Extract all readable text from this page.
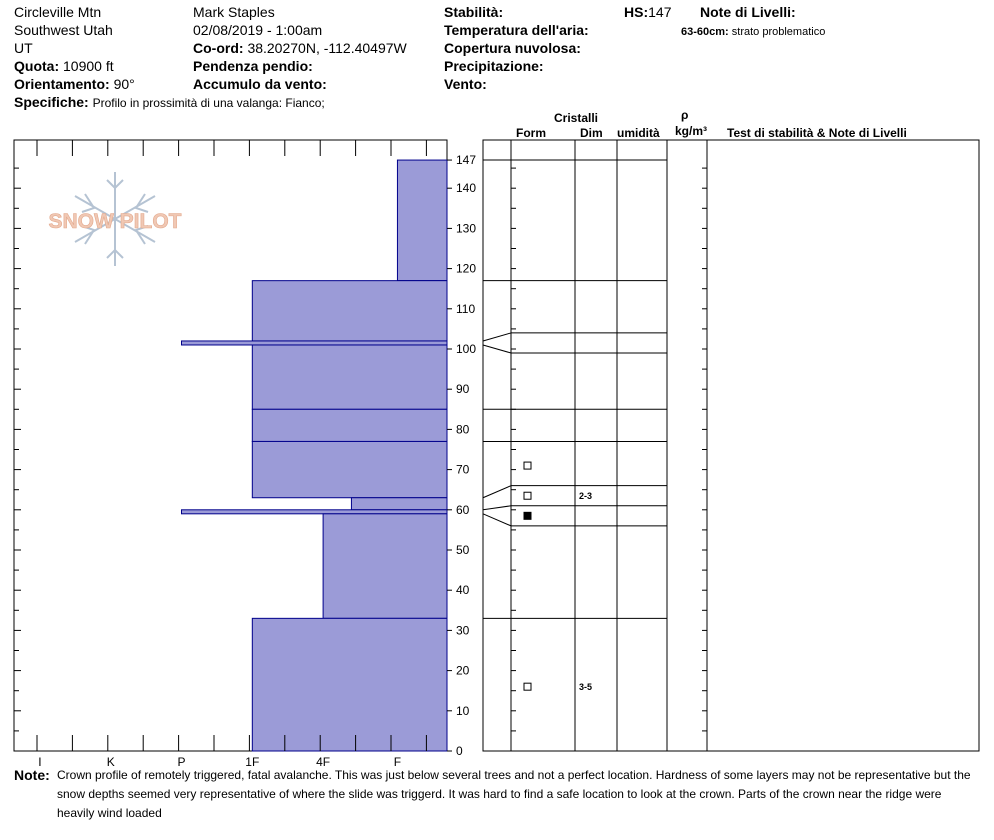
Circleville Mtn
Southwest Utah
UT
Quota: 10900 ft
Orientamento: 90°
Specifiche: Profilo in prossimità di una valanga: Fianco;
Mark Staples
02/08/2019 - 1:00am
Co-ord: 38.20270N, -112.40497W
Pendenza pendio:
Accumulo da vento:
Stabilità:
Temperatura dell'aria:
Copertura nuvolosa:
Precipitazione:
Vento:
HS:147 Note di Livelli:
63-60cm: strato problematico
Cristalli
Form	Dim umidità
ρ
kg/m³ Test di stabilità & Note di Livelli
SNOW PILOT
I	K	P	1F	4F	F
0
10
20
30
40
50
60
70
80
90
100
110
120
130
140
147
2-3
3-5
Note: Crown profile of remotely triggered, fatal avalanche. This was just below several trees and not a perfect location. Hardness of some layers may not be representative but the snow depths seemed very representative of where the slide was triggerd. It was hard to find a safe location to look at the crown. Parts of the crown near the ridge were heavily wind loaded
